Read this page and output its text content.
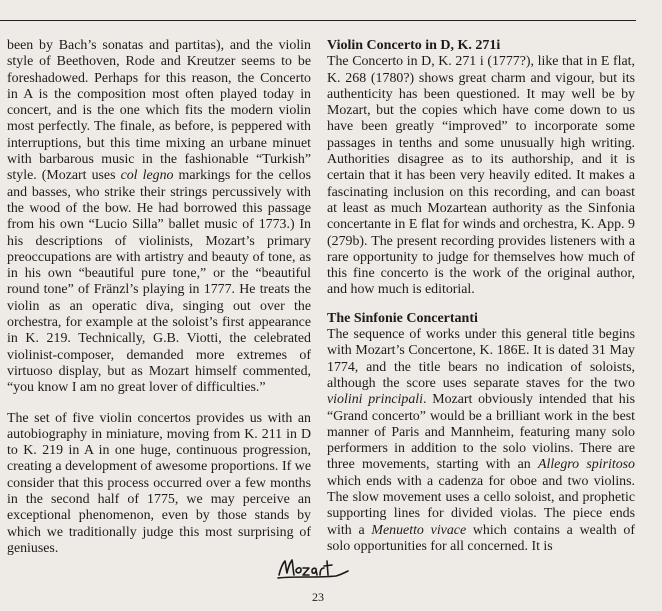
been by Bach’s sonatas and partitas), and the violin style of Beethoven, Rode and Kreutzer seems to be foreshadowed. Perhaps for this reason, the Concerto in A is the composition most often played today in concert, and is the one which fits the modern violin most perfectly. The finale, as before, is peppered with interruptions, but this time mixing an urbane minuet with barbarous music in the fashionable “Turkish” style. (Mozart uses col legno markings for the cellos and basses, who strike their strings percussively with the wood of the bow. He had borrowed this passage from his own “Lucio Silla” ballet music of 1773.) In his descriptions of violinists, Mozart’s primary preoccupations are with artistry and beauty of tone, as in his own “beautiful pure tone,” or the “beautiful round tone” of Fränzl’s playing in 1777. He treats the violin as an operatic diva, singing out over the orchestra, for example at the soloist’s first appearance in K. 219. Technically, G.B. Viotti, the celebrated violinist-composer, demanded more extremes of virtuoso display, but as Mozart himself commented, “you know I am no great lover of difficulties.”

The set of five violin concertos provides us with an autobiography in miniature, moving from K. 211 in D to K. 219 in A in one huge, continuous progression, creating a development of awesome proportions. If we consider that this process occurred over a few months in the second half of 1775, we may perceive an exceptional phenomenon, even by those stands by which we traditionally judge this most surprising of geniuses.

Violin Concerto in D, K. 271i

The Concerto in D, K. 271 i (1777?), like that in E flat, K. 268 (1780?) shows great charm and vigour, but its authenticity has been questioned. It may well be by Mozart, but the copies which have come down to us have been greatly “improved” to incorporate some passages in tenths and some unusually high writing. Authorities disagree as to its authorship, and it is certain that it has been very heavily edited. It makes a fascinating inclusion on this recording, and can boast at least as much Mozartean authority as the Sinfonia concertante in E flat for winds and orchestra, K. App. 9 (279b). The present recording provides listeners with a rare opportunity to judge for themselves how much of this fine concerto is the work of the original author, and how much is editorial.

The Sinfonie Concertanti

The sequence of works under this general title begins with Mozart’s Concertone, K. 186E. It is dated 31 May 1774, and the title bears no indication of soloists, although the score uses separate staves for the two violini principali. Mozart obviously intended that his “Grand concerto” would be a brilliant work in the best manner of Paris and Mannheim, featuring many solo performers in addition to the solo violins. There are three movements, starting with an Allegro spiritoso which ends with a cadenza for oboe and two violins. The slow movement uses a cello soloist, and prophetic supporting lines for divided violas. The piece ends with a Menuetto vivace which contains a wealth of solo opportunities for all concerned. It is

23
